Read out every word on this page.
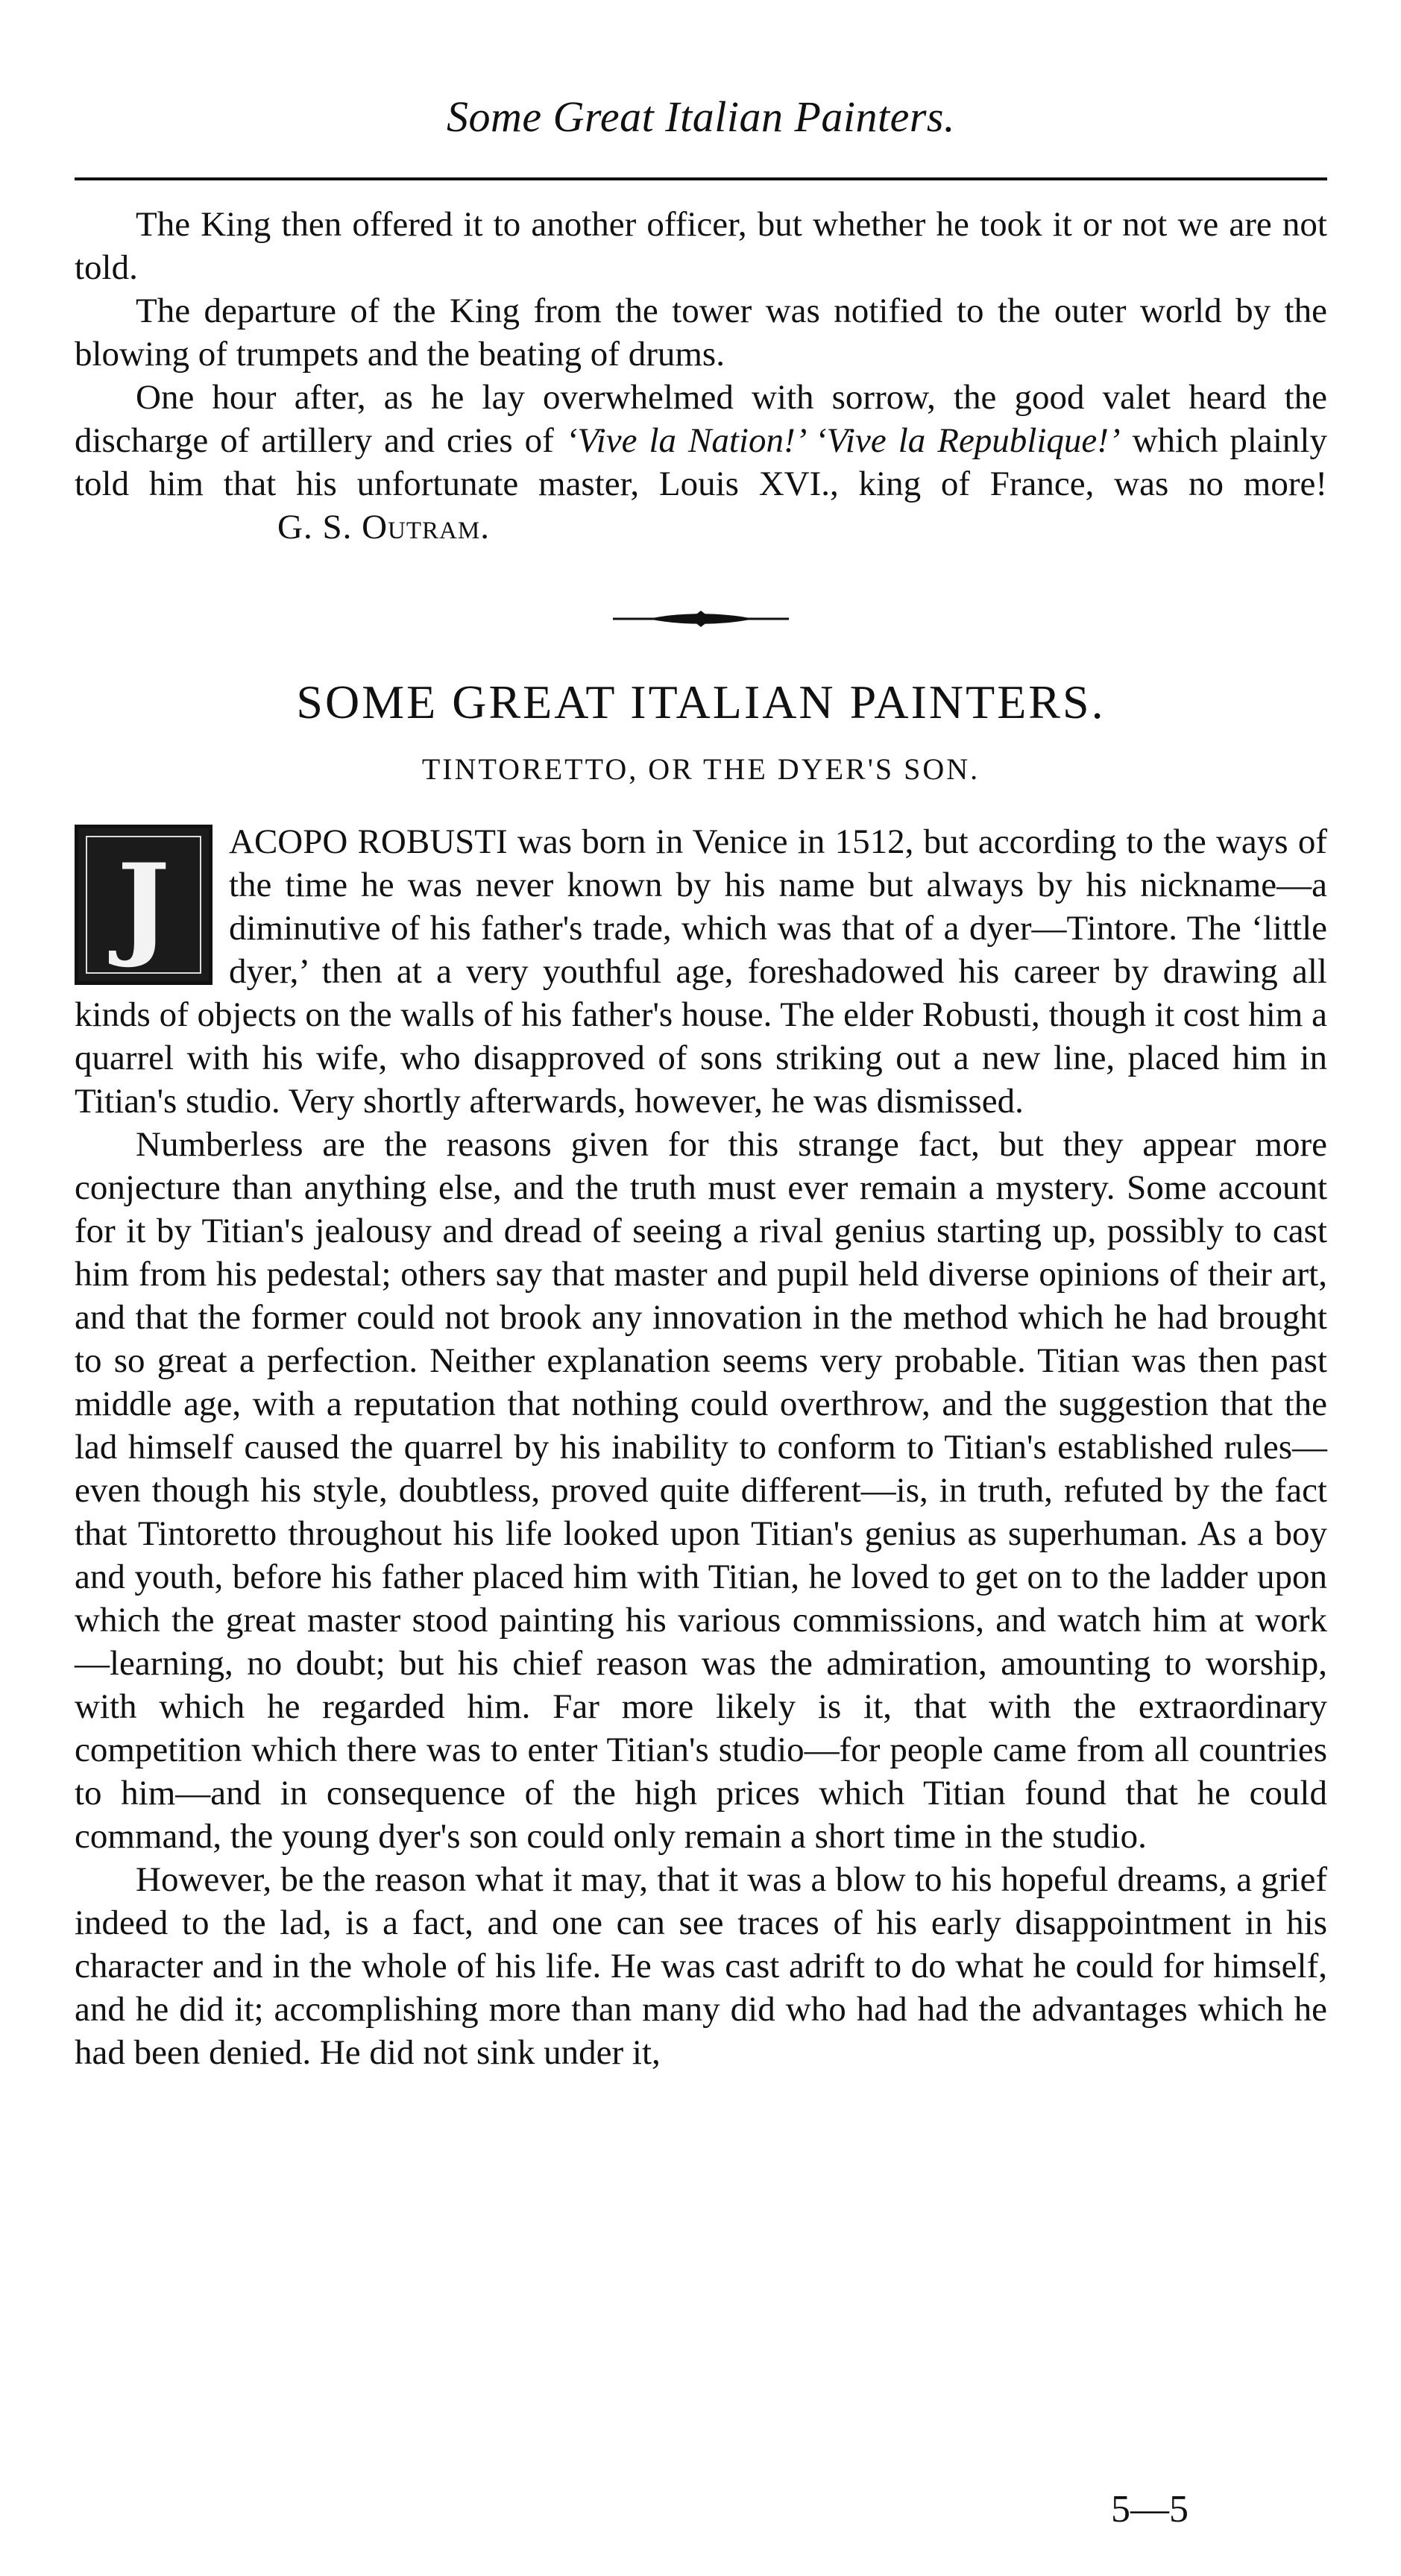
Some Great Italian Painters.

The King then offered it to another officer, but whether he took it or not we are not told.

The departure of the King from the tower was notified to the outer world by the blowing of trumpets and the beating of drums.

One hour after, as he lay overwhelmed with sorrow, the good valet heard the discharge of artillery and cries of ‘Vive la Nation!’ ‘Vive la Republique!’ which plainly told him that his unfortunate master, Louis XVI., king of France, was no more!G. S. Outram.

SOME GREAT ITALIAN PAINTERS.
TINTORETTO, OR THE DYER'S SON.

J	ACOPO ROBUSTI was born in Venice in 1512, but according to the ways of the time he was never known by his name but always by his nickname—a diminutive of his father's trade, which was that of a dyer—Tintore. The ‘little dyer,’ then at a very youthful age, foreshadowed his career by drawing all kinds of objects on the walls of his father's house. The elder Robusti, though it cost him a quarrel with his wife, who disapproved of sons striking out a new line, placed him in Titian's studio. Very shortly afterwards, however, he was dismissed.

Numberless are the reasons given for this strange fact, but they appear more conjecture than anything else, and the truth must ever remain a mystery. Some account for it by Titian's jealousy and dread of seeing a rival genius starting up, possibly to cast him from his pedestal; others say that master and pupil held diverse opinions of their art, and that the former could not brook any innovation in the method which he had brought to so great a perfection. Neither explanation seems very probable. Titian was then past middle age, with a reputation that nothing could overthrow, and the suggestion that the lad himself caused the quarrel by his inability to conform to Titian's established rules—even though his style, doubtless, proved quite different—is, in truth, refuted by the fact that Tintoretto throughout his life looked upon Titian's genius as superhuman. As a boy and youth, before his father placed him with Titian, he loved to get on to the ladder upon which the great master stood painting his various commissions, and watch him at work—learning, no doubt; but his chief reason was the admiration, amounting to worship, with which he regarded him. Far more likely is it, that with the extraordinary competition which there was to enter Titian's studio—for people came from all countries to him—and in consequence of the high prices which Titian found that he could command, the young dyer's son could only remain a short time in the studio.

However, be the reason what it may, that it was a blow to his hopeful dreams, a grief indeed to the lad, is a fact, and one can see traces of his early disappointment in his character and in the whole of his life. He was cast adrift to do what he could for himself, and he did it; accomplishing more than many did who had had the advantages which he had been denied. He did not sink under it,

5—5
